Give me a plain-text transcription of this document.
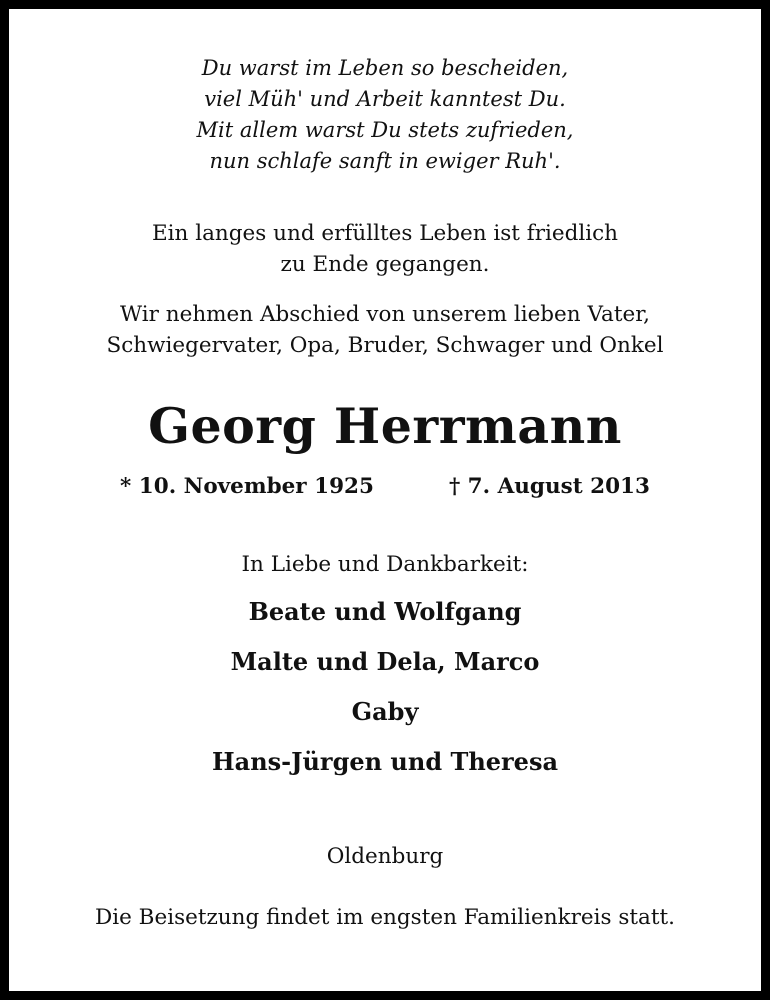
Du warst im Leben so bescheiden,
viel Müh' und Arbeit kanntest Du.
Mit allem warst Du stets zufrieden,
nun schlafe sanft in ewiger Ruh'.
Ein langes und erfülltes Leben ist friedlich
zu Ende gegangen.
Wir nehmen Abschied von unserem lieben Vater,
Schwiegervater, Opa, Bruder, Schwager und Onkel
Georg Herrmann
* 10. November 1925	† 7. August 2013
In Liebe und Dankbarkeit:
Beate und Wolfgang
Malte und Dela, Marco
Gaby
Hans-Jürgen und Theresa
Oldenburg
Die Beisetzung findet im engsten Familienkreis statt.
